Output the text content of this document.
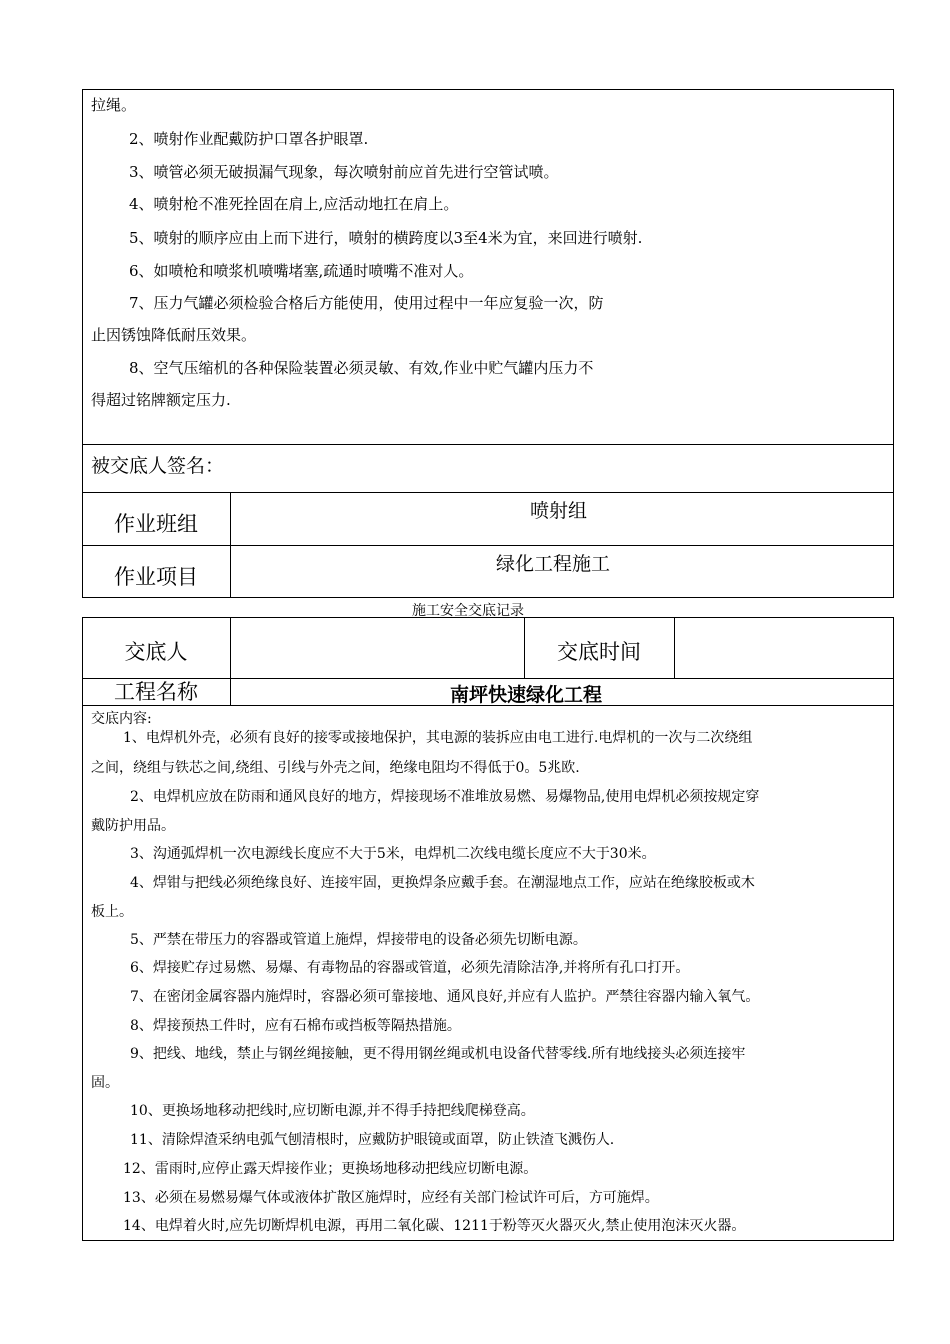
拉绳。
2、喷射作业配戴防护口罩各护眼罩.
3、喷管必须无破损漏气现象，每次喷射前应首先进行空管试喷。
4、喷射枪不准死拴固在肩上,应活动地扛在肩上。
5、喷射的顺序应由上而下进行，喷射的横跨度以3至4米为宜，来回进行喷射.
6、如喷枪和喷浆机喷嘴堵塞,疏通时喷嘴不准对人。
7、压力气罐必须检验合格后方能使用，使用过程中一年应复验一次，防
止因锈蚀降低耐压效果。
8、空气压缩机的各种保险装置必须灵敏、有效,作业中贮气罐内压力不
得超过铭牌额定压力.
被交底人签名：
作业班组
喷射组
作业项目
绿化工程施工
施工安全交底记录
交底人	交底时间
工程名称	南坪快速绿化工程
交底内容:
1、电焊机外壳，必须有良好的接零或接地保护，其电源的装拆应由电工进行.电焊机的一次与二次绕组
之间，绕组与铁芯之间,绕组、引线与外壳之间，绝缘电阻均不得低于0。5兆欧.
2、电焊机应放在防雨和通风良好的地方，焊接现场不准堆放易燃、易爆物品,使用电焊机必须按规定穿
戴防护用品。
3、沟通弧焊机一次电源线长度应不大于5米，电焊机二次线电缆长度应不大于30米。
4、焊钳与把线必须绝缘良好、连接牢固，更换焊条应戴手套。在潮湿地点工作，应站在绝缘胶板或木
板上。
5、严禁在带压力的容器或管道上施焊，焊接带电的设备必须先切断电源。
6、焊接贮存过易燃、易爆、有毒物品的容器或管道，必须先清除洁净,并将所有孔口打开。
7、在密闭金属容器内施焊时，容器必须可靠接地、通风良好,并应有人监护。严禁往容器内输入氧气。
8、焊接预热工件时，应有石棉布或挡板等隔热措施。
9、把线、地线，禁止与钢丝绳接触，更不得用钢丝绳或机电设备代替零线.所有地线接头必须连接牢
固。
10、更换场地移动把线时,应切断电源,并不得手持把线爬梯登高。
11、清除焊渣采纳电弧气刨清根时，应戴防护眼镜或面罩，防止铁渣飞溅伤人.
12、雷雨时,应停止露天焊接作业；更换场地移动把线应切断电源。
13、必须在易燃易爆气体或液体扩散区施焊时，应经有关部门检试许可后，方可施焊。
14、电焊着火时,应先切断焊机电源，再用二氧化碳、1211于粉等灭火器灭火,禁止使用泡沫灭火器。
